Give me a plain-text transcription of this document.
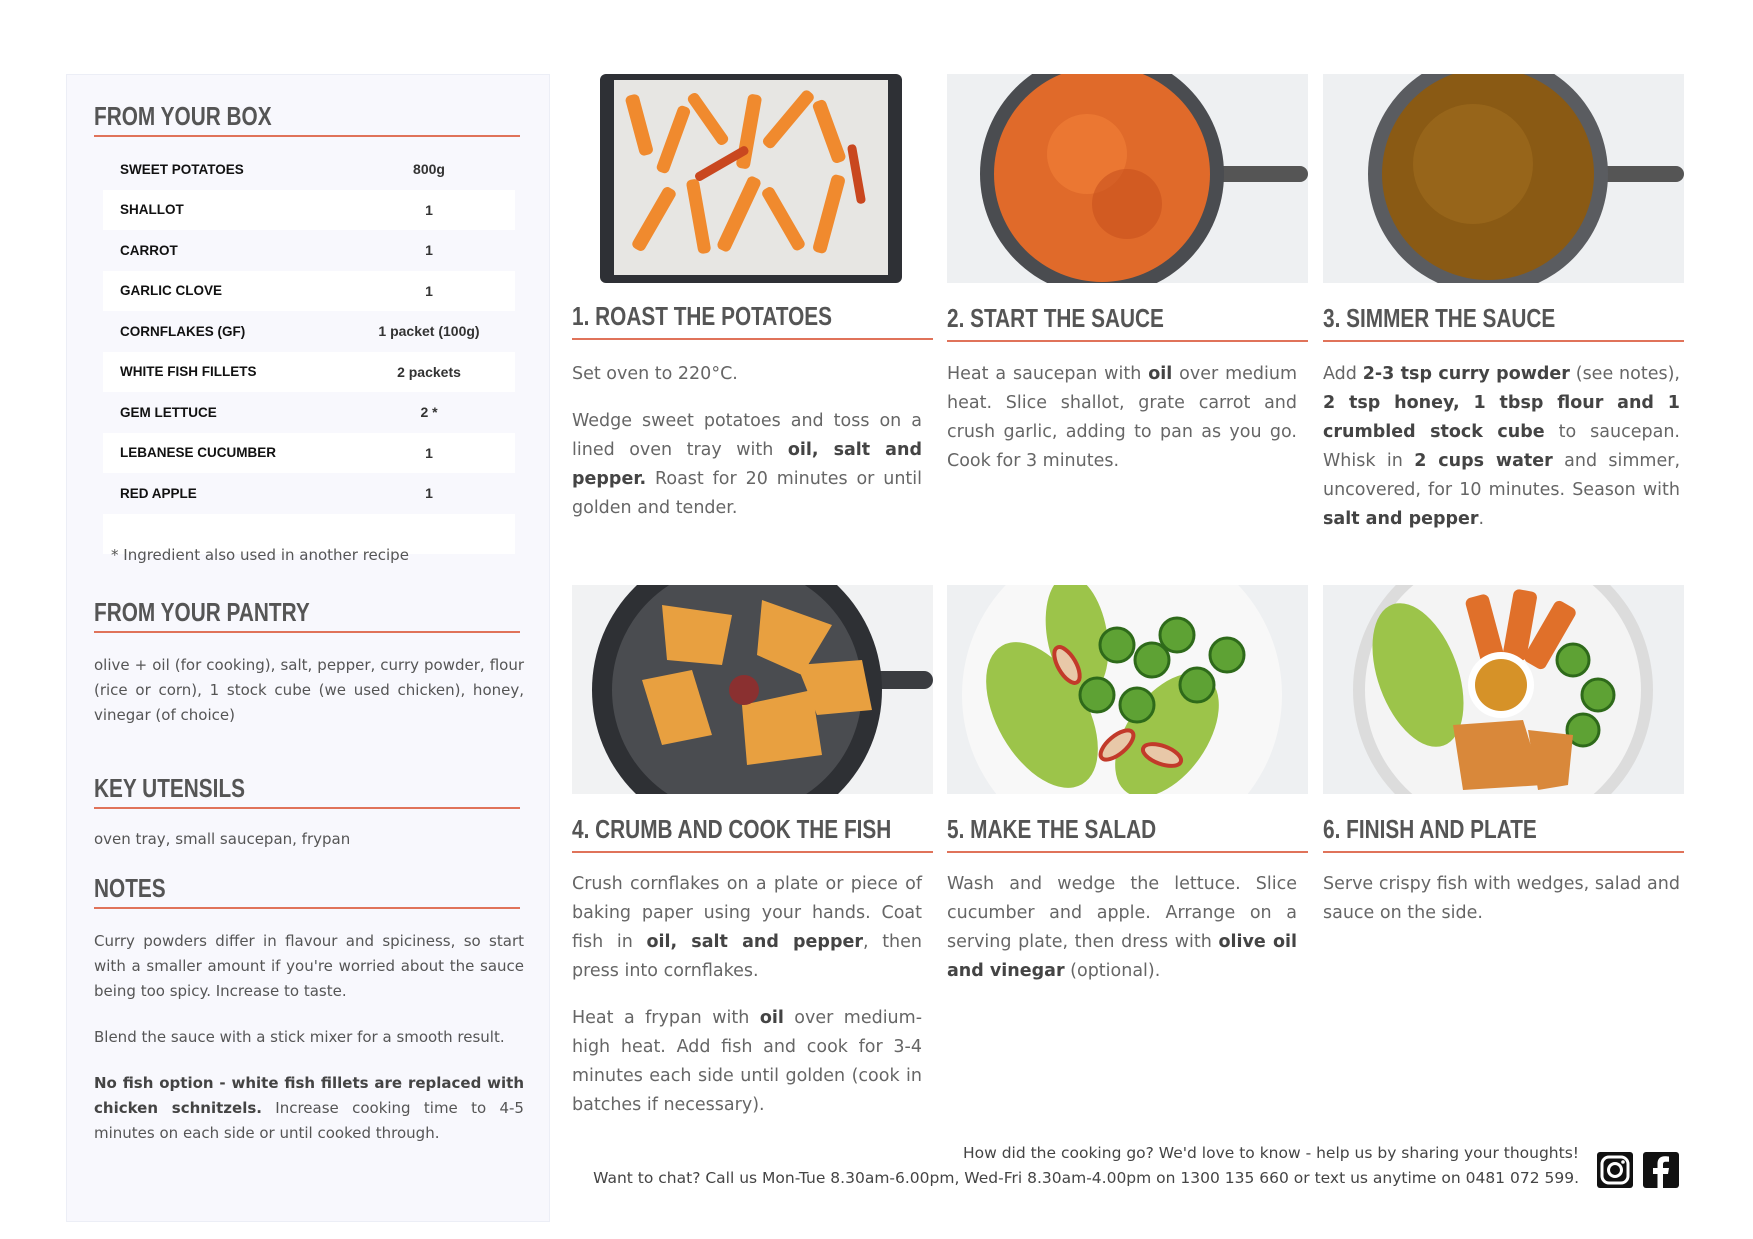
FROM YOUR BOX
SWEET POTATOES	800g
SHALLOT	1
CARROT	1
GARLIC CLOVE	1
CORNFLAKES (GF)	1 packet (100g)
WHITE FISH FILLETS	2 packets
GEM LETTUCE	2 *
LEBANESE CUCUMBER	1
RED APPLE	1

* Ingredient also used in another recipe
FROM YOUR PANTRY
olive + oil (for cooking), salt, pepper, curry powder, flour (rice or corn), 1 stock cube (we used chicken), honey, vinegar (of choice)
KEY UTENSILS
oven tray, small saucepan, frypan
NOTES

Curry powders differ in flavour and spiciness, so start with a smaller amount if you're worried about the sauce being too spicy. Increase to taste.

Blend the sauce with a stick mixer for a smooth result.

No fish option - white fish fillets are replaced with chicken schnitzels. Increase cooking time to 4-5 minutes on each side or until cooked through.

1. ROAST THE POTATOES	2. START THE SAUCE	3. SIMMER THE SAUCE
4. CRUMB AND COOK THE FISH 5. MAKE THE SALAD	6. FINISH AND PLATE

Set oven to 220°C.

Wedge sweet potatoes and toss on a lined oven tray with oil, salt and pepper. Roast for 20 minutes or until golden and tender.

Heat a saucepan with oil over medium heat. Slice shallot, grate carrot and crush garlic, adding to pan as you go. Cook for 3 minutes.

Add 2-3 tsp curry powder (see notes), 2 tsp honey, 1 tbsp flour and 1 crumbled stock cube to saucepan. Whisk in 2 cups water and simmer, uncovered, for 10 minutes. Season with salt and pepper.

Crush cornflakes on a plate or piece of baking paper using your hands. Coat fish in oil, salt and pepper, then press into cornflakes.

Heat a frypan with oil over medium-high heat. Add fish and cook for 3-4 minutes each side until golden (cook in batches if necessary).

Wash and wedge the lettuce. Slice cucumber and apple. Arrange on a serving plate, then dress with olive oil and vinegar (optional).

Serve crispy fish with wedges, salad and sauce on the side.

How did the cooking go? We'd love to know - help us by sharing your thoughts!
Want to chat? Call us Mon-Tue 8.30am-6.00pm, Wed-Fri 8.30am-4.00pm on 1300 135 660 or text us anytime on 0481 072 599.
